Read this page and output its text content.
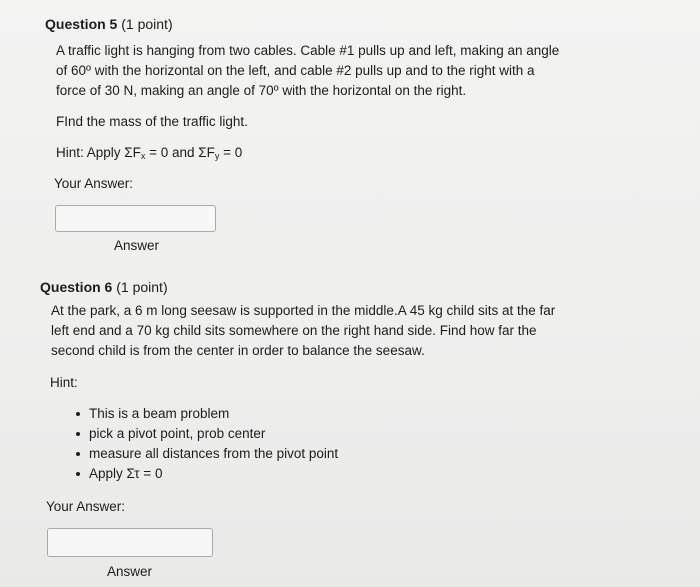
Question 5 (1 point)
A traffic light is hanging from two cables. Cable #1 pulls up and left, making an angle
of 60º with the horizontal on the left, and cable #2 pulls up and to the right with a
force of 30 N, making an angle of 70º with the horizontal on the right.
FInd the mass of the traffic light.
Hint: Apply $\Sigma F_x = 0$ and $\Sigma F_y = 0$
Your Answer:
Answer
Question 6 (1 point)
At the park, a 6 m long seesaw is supported in the middle.A 45 kg child sits at the far
left end and a 70 kg child sits somewhere on the right hand side. Find how far the
second child is from the center in order to balance the seesaw.
Hint:
This is a beam problem
pick a pivot point, prob center
measure all distances from the pivot point
Apply Στ = 0
Your Answer:
Answer
